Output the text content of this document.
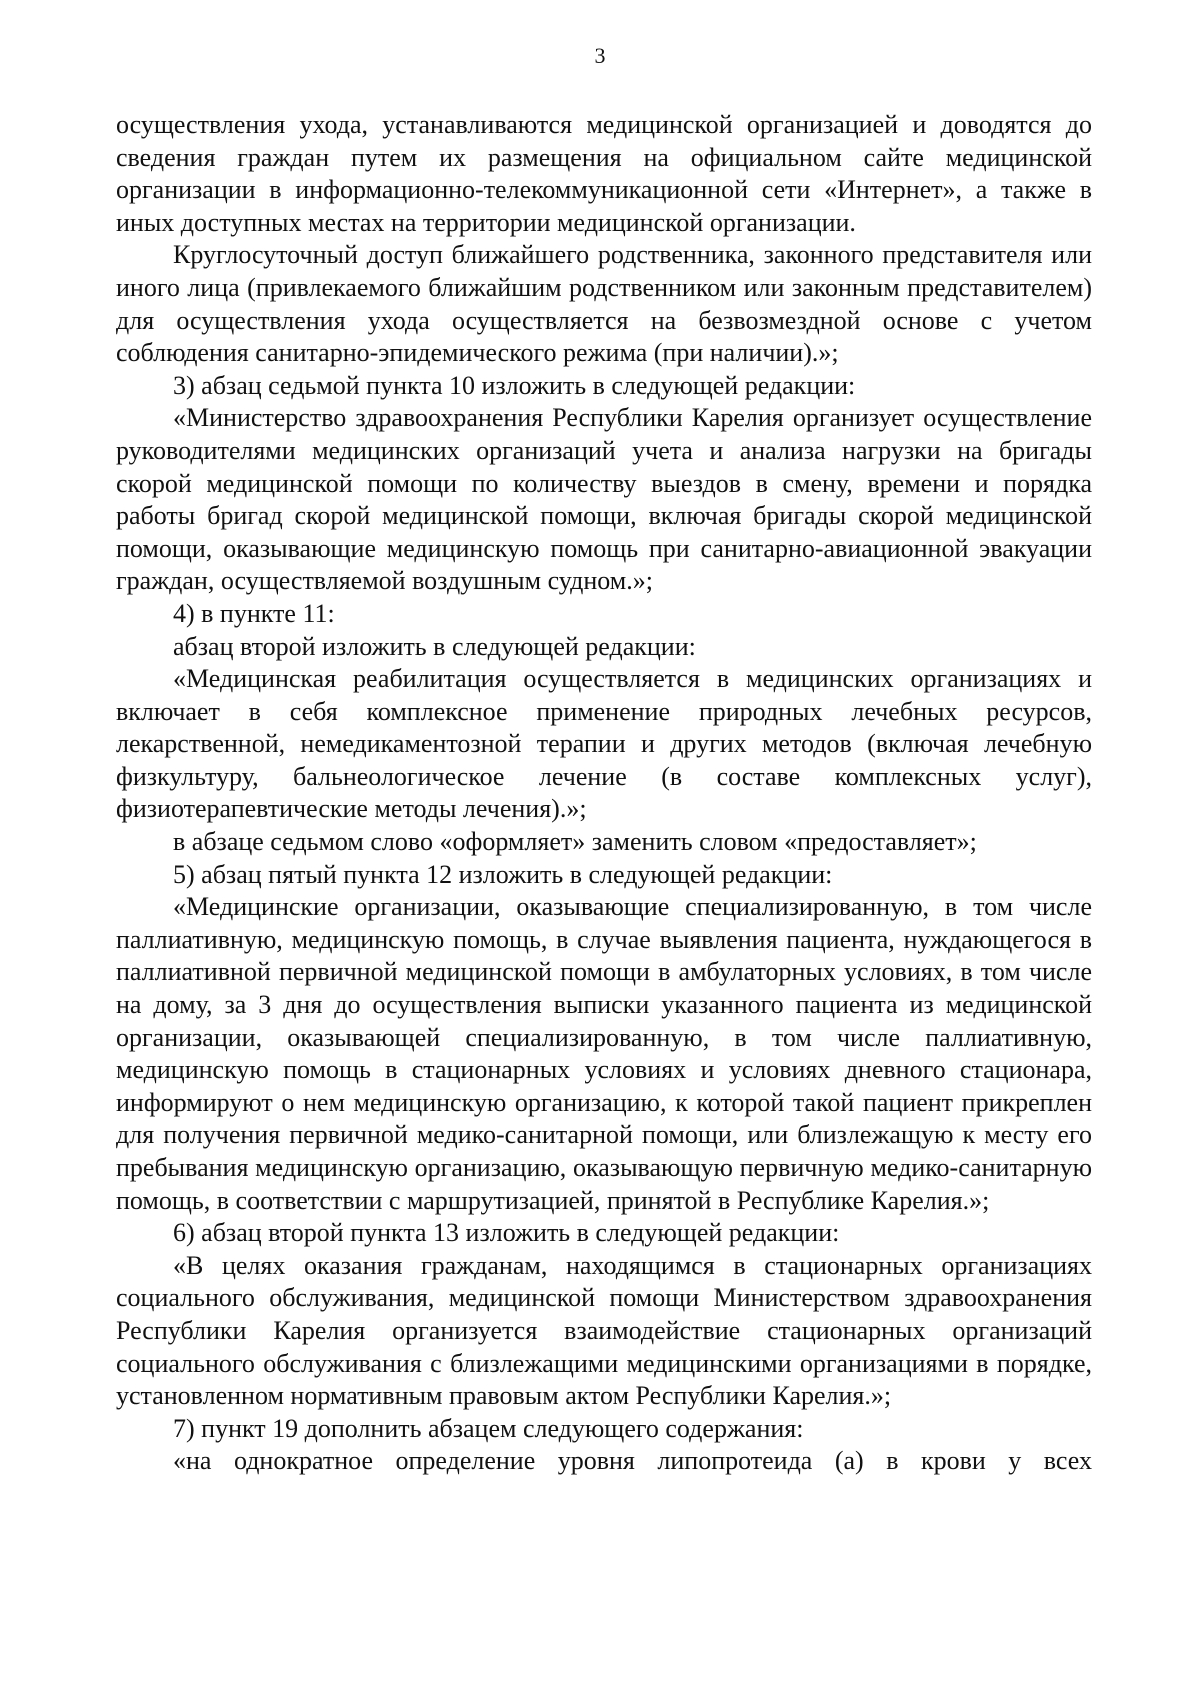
3

осуществления ухода, устанавливаются медицинской организацией и доводятся до сведения граждан путем их размещения на официальном сайте медицинской организации в информационно-телекоммуникационной сети «Интернет», а также в иных доступных местах на территории медицинской организации.

Круглосуточный доступ ближайшего родственника, законного представителя или иного лица (привлекаемого ближайшим родственником или законным представителем) для осуществления ухода осуществляется на безвозмездной основе с учетом соблюдения санитарно-эпидемического режима (при наличии).»;

3) абзац седьмой пункта 10 изложить в следующей редакции:

«Министерство здравоохранения Республики Карелия организует осуществление руководителями медицинских организаций учета и анализа нагрузки на бригады скорой медицинской помощи по количеству выездов в смену, времени и порядка работы бригад скорой медицинской помощи, включая бригады скорой медицинской помощи, оказывающие медицинскую помощь при санитарно-авиационной эвакуации граждан, осуществляемой воздушным судном.»;

4) в пункте 11:

абзац второй изложить в следующей редакции:

«Медицинская реабилитация осуществляется в медицинских организациях и включает в себя комплексное применение природных лечебных ресурсов, лекарственной, немедикаментозной терапии и других методов (включая лечебную физкультуру, бальнеологическое лечение (в составе комплексных услуг), физиотерапевтические методы лечения).»;

в абзаце седьмом слово «оформляет» заменить словом «предоставляет»;

5) абзац пятый пункта 12 изложить в следующей редакции:

«Медицинские организации, оказывающие специализированную, в том числе паллиативную, медицинскую помощь, в случае выявления пациента, нуждающегося в паллиативной первичной медицинской помощи в амбулаторных условиях, в том числе на дому, за 3 дня до осуществления выписки указанного пациента из медицинской организации, оказывающей специализированную, в том числе паллиативную, медицинскую помощь в стационарных условиях и условиях дневного стационара, информируют о нем медицинскую организацию, к которой такой пациент прикреплен для получения первичной медико-санитарной помощи, или близлежащую к месту его пребывания медицинскую организацию, оказывающую первичную медико-санитарную помощь, в соответствии с маршрутизацией, принятой в Республике Карелия.»;

6) абзац второй пункта 13 изложить в следующей редакции:

«В целях оказания гражданам, находящимся в стационарных организациях социального обслуживания, медицинской помощи Министерством здравоохранения Республики Карелия организуется взаимодействие стационарных организаций социального обслуживания с близлежащими медицинскими организациями в порядке, установленном нормативным правовым актом Республики Карелия.»;

7) пункт 19 дополнить абзацем следующего содержания:

«на однократное определение уровня липопротеида (а) в крови у всех
